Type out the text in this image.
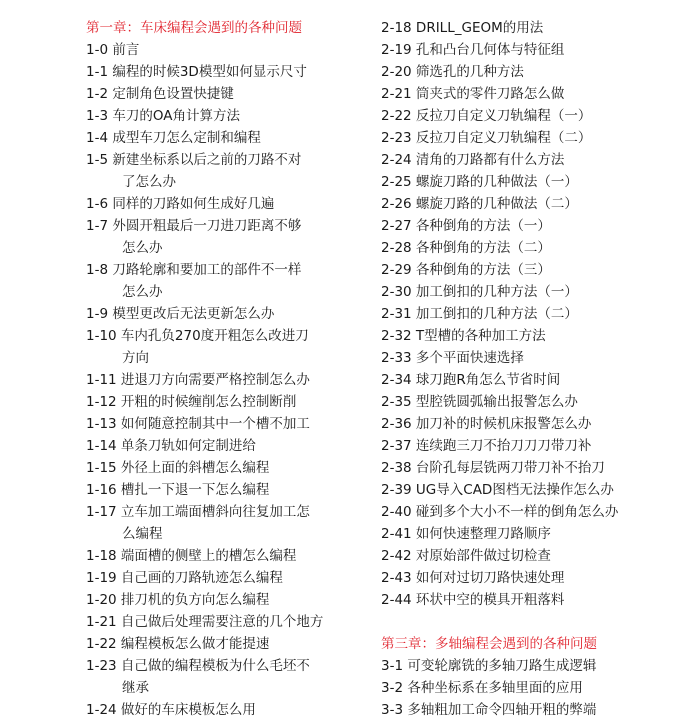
第一章：车床编程会遇到的各种问题
1-0 前言
1-1 编程的时候3D模型如何显示尺寸
1-2 定制角色设置快捷键
1-3 车刀的OA角计算方法
1-4 成型车刀怎么定制和编程
1-5 新建坐标系以后之前的刀路不对
了怎么办
1-6 同样的刀路如何生成好几遍
1-7 外圆开粗最后一刀进刀距离不够
怎么办
1-8 刀路轮廓和要加工的部件不一样
怎么办
1-9 模型更改后无法更新怎么办
1-10 车内孔负270度开粗怎么改进刀
方向
1-11 进退刀方向需要严格控制怎么办
1-12 开粗的时候缠削怎么控制断削
1-13 如何随意控制其中一个槽不加工
1-14 单条刀轨如何定制进给
1-15 外径上面的斜槽怎么编程
1-16 槽扎一下退一下怎么编程
1-17 立车加工端面槽斜向往复加工怎
么编程
1-18 端面槽的侧壁上的槽怎么编程
1-19 自己画的刀路轨迹怎么编程
1-20 排刀机的负方向怎么编程
1-21 自己做后处理需要注意的几个地方
1-22 编程模板怎么做才能提速
1-23 自己做的编程模板为什么毛坯不
继承
1-24 做好的车床模板怎么用
2-18 DRILL_GEOM的用法
2-19 孔和凸台几何体与特征组
2-20 筛选孔的几种方法
2-21 筒夹式的零件刀路怎么做
2-22 反拉刀自定义刀轨编程（一）
2-23 反拉刀自定义刀轨编程（二）
2-24 清角的刀路都有什么方法
2-25 螺旋刀路的几种做法（一）
2-26 螺旋刀路的几种做法（二）
2-27 各种倒角的方法（一）
2-28 各种倒角的方法（二）
2-29 各种倒角的方法（三）
2-30 加工倒扣的几种方法（一）
2-31 加工倒扣的几种方法（二）
2-32 T型槽的各种加工方法
2-33 多个平面快速选择
2-34 球刀跑R角怎么节省时间
2-35 型腔铣圆弧输出报警怎么办
2-36 加刀补的时候机床报警怎么办
2-37 连续跑三刀不抬刀刀刀带刀补
2-38 台阶孔每层铣两刀带刀补不抬刀
2-39 UG导入CAD图档无法操作怎么办
2-40 碰到多个大小不一样的倒角怎么办
2-41 如何快速整理刀路顺序
2-42 对原始部件做过切检查
2-43 如何对过切刀路快速处理
2-44 环状中空的模具开粗落料
第三章：多轴编程会遇到的各种问题
3-1 可变轮廓铣的多轴刀路生成逻辑
3-2 各种坐标系在多轴里面的应用
3-3 多轴粗加工命令四轴开粗的弊端
